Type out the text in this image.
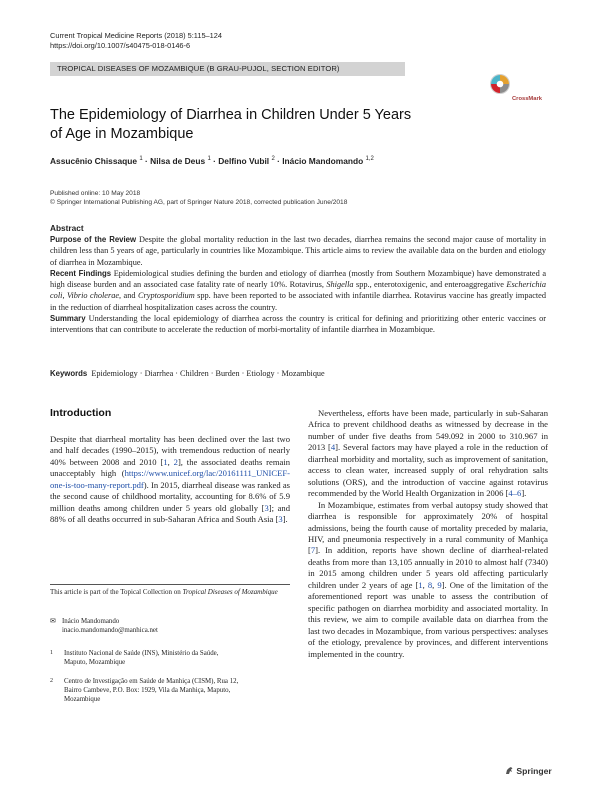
Current Tropical Medicine Reports (2018) 5:115–124
https://doi.org/10.1007/s40475-018-0146-6
TROPICAL DISEASES OF MOZAMBIQUE (B GRAU-PUJOL, SECTION EDITOR)
CrossMark
The Epidemiology of Diarrhea in Children Under 5 Years
of Age in Mozambique
Assucênio Chissaque $^1$ · Nilsa de Deus $^1$ · Delfino Vubil $^2$ · Inácio Mandomando $^{1,2}$
Published online: 10 May 2018
© Springer International Publishing AG, part of Springer Nature 2018, corrected publication June/2018
Abstract

Purpose of the Review Despite the global mortality reduction in the last two decades, diarrhea remains the second major cause of mortality in children less than 5 years of age, particularly in countries like Mozambique. This article aims to review the available data on the burden and etiology of diarrhea in Mozambique.

Recent Findings Epidemiological studies defining the burden and etiology of diarrhea (mostly from Southern Mozambique) have demonstrated a high disease burden and an associated case fatality rate of nearly 10%. Rotavirus, Shigella spp., enterotoxigenic, and enteroaggregative Escherichia coli, Vibrio cholerae, and Cryptosporidium spp. have been reported to be associated with infantile diarrhea. Rotavirus vaccine has greatly impacted in the reduction of diarrheal hospitalization cases across the country.

Summary Understanding the local epidemiology of diarrhea across the country is critical for defining and prioritizing other enteric vaccines or interventions that can contribute to accelerate the reduction of morbi-mortality of infantile diarrhea in Mozambique.

Keywords Epidemiology · Diarrhea · Children · Burden · Etiology · Mozambique
Introduction

Despite that diarrheal mortality has been declined over the last two and half decades (1990–2015), with tremendous reduction of nearly 40% between 2008 and 2010 [1, 2], the associated deaths remain unacceptably high (https://www.unicef.org/lac/20161111_UNICEF-one-is-too-many-report.pdf). In 2015, diarrheal disease was ranked as the second cause of childhood mortality, accounting for 8.6% of 5.9 million deaths among children under 5 years old globally [3]; and 88% of all deaths occurred in sub-Saharan Africa and South Asia [3].

This article is part of the Topical Collection on Tropical Diseases of Mozambique
✉ Inácio Mandomando
inacio.mandomando@manhica.net
1 Instituto Nacional de Saúde (INS), Ministério da Saúde,
Maputo, Mozambique
2 Centro de Investigação em Saúde de Manhiça (CISM), Rua 12,
Bairro Cambeve, P.O. Box: 1929, Vila da Manhiça, Maputo,
Mozambique

Nevertheless, efforts have been made, particularly in sub-Saharan Africa to prevent childhood deaths as witnessed by decrease in the number of under five deaths from 549.092 in 2000 to 310.967 in 2013 [4]. Several factors may have played a role in the reduction of diarrheal morbidity and mortality, such as improvement of sanitation, access to clean water, increased supply of oral rehydration salts solutions (ORS), and the introduction of vaccine against rotavirus recommended by the World Health Organization in 2006 [4–6].

In Mozambique, estimates from verbal autopsy study showed that diarrhea is responsible for approximately 20% of hospital admissions, being the fourth cause of mortality preceded by malaria, HIV, and pneumonia respectively in a rural community of Manhiça [7]. In addition, reports have shown decline of diarrheal-related deaths from more than 13,105 annually in 2010 to almost half (7340) in 2015 among children under 5 years old affecting particularly children under 2 years of age [1, 8, 9]. One of the limitation of the aforementioned report was unable to assess the contribution of specific pathogen on diarrhea morbidity and associated mortality. In this review, we aim to compile available data on diarrhea from the last two decades in Mozambique, from various perspectives: analyses of the etiology, prevalence by provinces, and different interventions implemented in the country.

Springer
